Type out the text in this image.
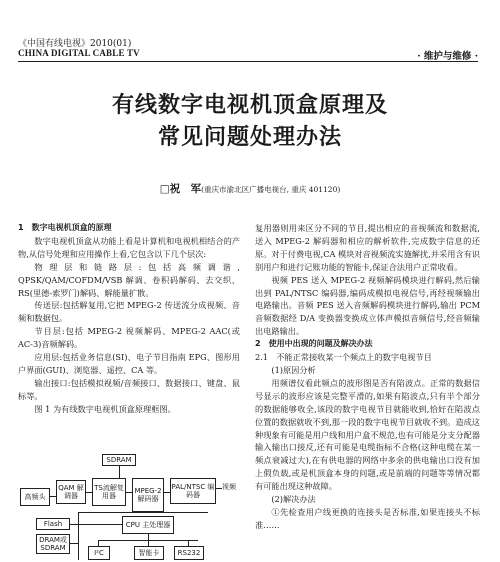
《中国有线电视》2010(01)
CHINA DIGITAL CABLE TV	· 维护与维修 ·
有线数字电视机顶盒原理及
常见问题处理办法
□祝　军(重庆市渝北区广播电视台, 重庆 401120)

1　数字电视机顶盒的原理

数字电视机顶盒从功能上看是计算机和电视机相结合的产物,从信号处理和应用操作上看,它包含以下几个层次:

物理层和链路层:包括高频调谐, QPSK/QAM/COFDM/VSB 解调、卷积码解码、去交织、RS(里德-索罗门)解码、解能量扩散。

传送层:包括解复用,它把 MPEG-2 传送流分成视频、音频和数据包。

节目层:包括 MPEG-2 视频解码、MPEG-2 AAC(或 AC-3)音频解码。

应用层:包括业务信息(SI)、电子节目指南 EPG、图形用户界面(GUI)、浏览器、遥控、CA 等。

输出接口:包括模拟视频/音频接口、数据接口、键盘、鼠标等。

图 1 为有线数字电视机顶盒原理框图。

复用器则用来区分不同的节目,提出相应的音视频流和数据流,送入 MPEG-2 解码器和相应的解析软件,完成数字信息的还原。对于付费电视,CA 模块对音视频流实施解扰,并采用含有识别用户和进行记账功能的智能卡,保证合法用户正常收看。

视频 PES 送入 MPEG-2 视频解码模块进行解码,然后输出到 PAL/NTSC 编码器,编码成模拟电视信号,再经视频输出电路输出。音频 PES 送入音频解码模块进行解码,输出 PCM 音频数据经 D/A 变换器变换成立体声模拟音频信号,经音频输出电路输出。

2　使用中出现的问题及解决办法

2.1　不能正常接收某一个频点上的数字电视节目

(1)原因分析

用频谱仪看此频点的波形图是否有陷波点。正常的数据信号显示的波形应该是完整平滑的,如果有陷波点,只有半个部分的数据能够收全,该段的数字电视节目就能收到,恰好在陷波点位置的数据就收不到,那一段的数字电视节目就收不到。造成这种现象有可能是用户线和用户盒不规范,也有可能是分支分配器输入输出口接反,还有可能是电缆指标不合格(这种电缆在某一频点衰减过大),在有供电器的网络中多余的供电输出口没有加上假负载,或是机顶盒本身的问题,或是前端的问题等等情况都有可能出现这种故障。

(2)解决办法

①先检查用户线更换的连接头是否标准,如果连接头不标准……

SDRAM
高频头
QAM 解调器
TS流解复用器
MPEG-2 解码器
PAL/NTSC 编码器
视频
Flash
DRAM或 SDRAM
CPU 主处理器
I²C	智能卡	RS232
